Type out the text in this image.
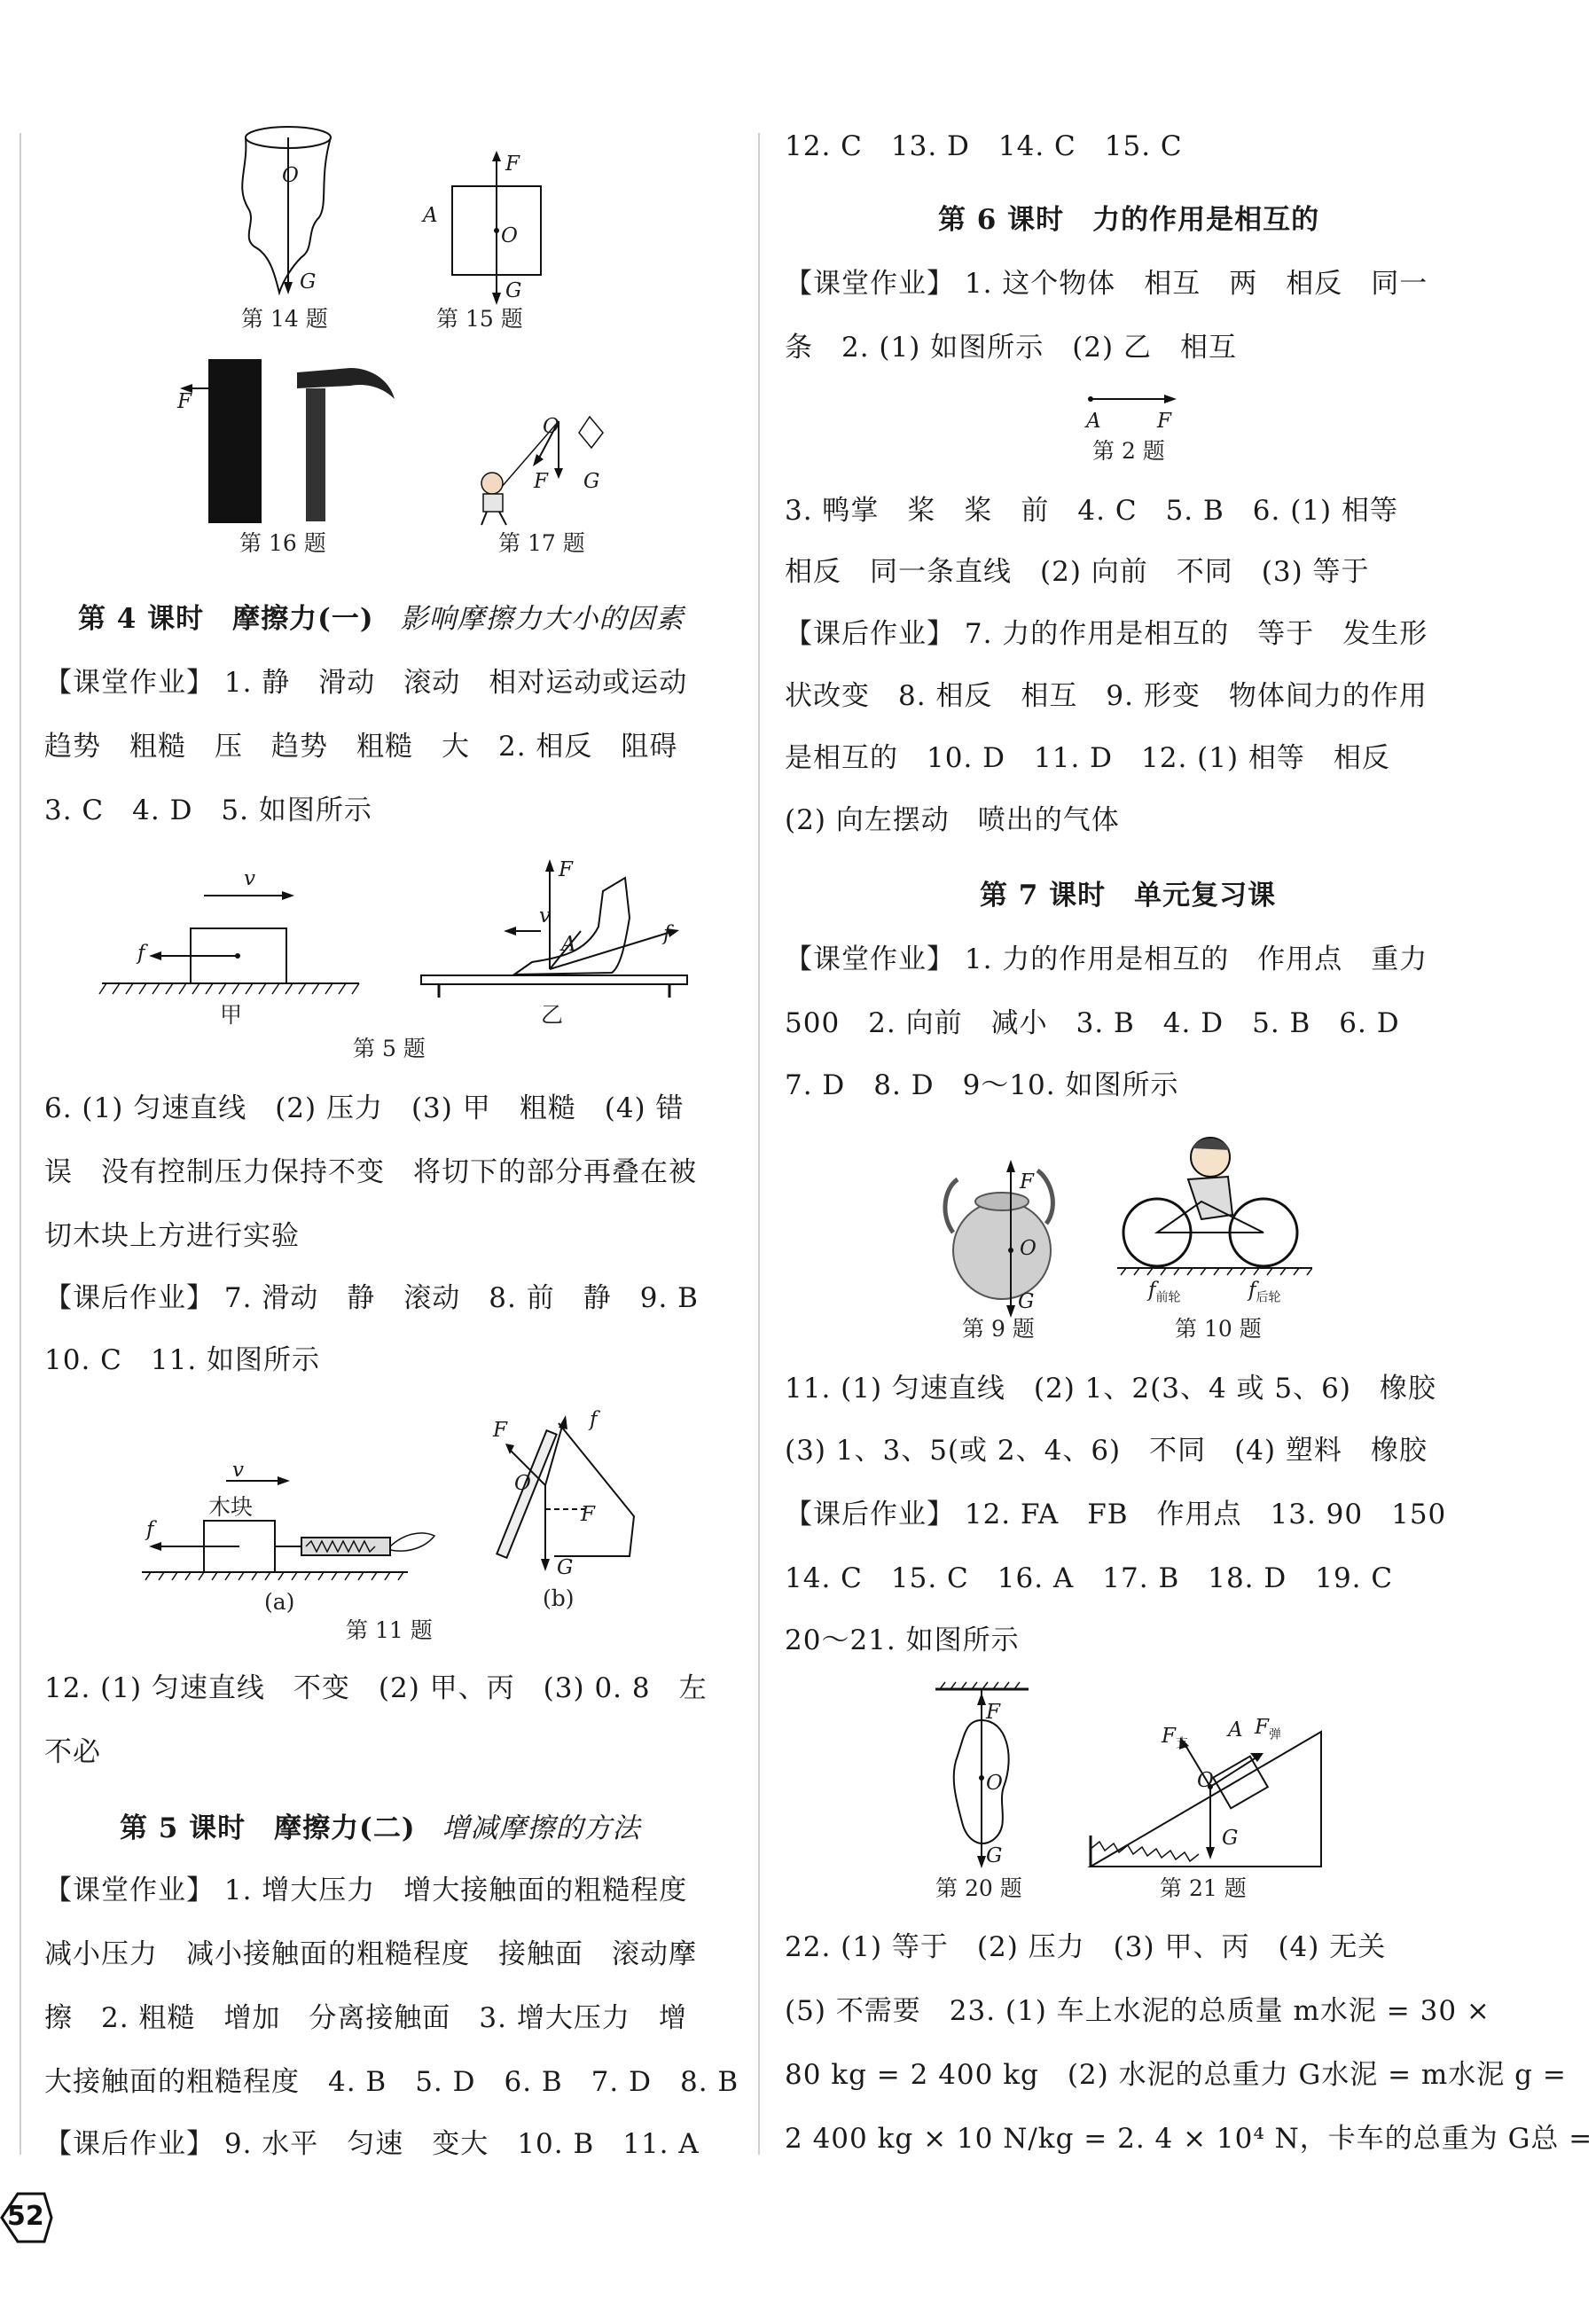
O
G
第 14 题
F
A
O
G
第 15 题
F
第 16 题
O
F G
第 17 题
第 4 课时　摩擦力(一) 影响摩擦力大小的因素
【课堂作业】 1. 静　滑动　滚动　相对运动或运动
趋势　粗糙　压　趋势　粗糙　大　2. 相反　阻碍
3. C　4. D　5. 如图所示
v
f
甲
v
F
A	f
乙
第 5 题
6. (1) 匀速直线　(2) 压力　(3) 甲　粗糙　(4) 错
误　没有控制压力保持不变　将切下的部分再叠在被
切木块上方进行实验
【课后作业】 7. 滑动　静　滚动　8. 前　静　9. B
10. C　11. 如图所示
v
木块
f
(a)
F	f
O
F
G
(b)
第 11 题
12. (1) 匀速直线　不变　(2) 甲、丙　(3) 0. 8　左
不必
第 5 课时　摩擦力(二) 增减摩擦的方法
【课堂作业】 1. 增大压力　增大接触面的粗糙程度
减小压力　减小接触面的粗糙程度　接触面　滚动摩
擦　2. 粗糙　增加　分离接触面　3. 增大压力　增
大接触面的粗糙程度　4. B　5. D　6. B　7. D　8. B
【课后作业】 9. 水平　匀速　变大　10. B　11. A
52
12. C　13. D　14. C　15. C
第 6 课时　力的作用是相互的
【课堂作业】 1. 这个物体　相互　两　相反　同一
条　2. (1) 如图所示　(2) 乙　相互
A	F
第 2 题
3. 鸭掌　桨　桨　前　4. C　5. B　6. (1) 相等
相反　同一条直线　(2) 向前　不同　(3) 等于
【课后作业】 7. 力的作用是相互的　等于　发生形
状改变　8. 相反　相互　9. 形变　物体间力的作用
是相互的　10. D　11. D　12. (1) 相等　相反
(2) 向左摆动　喷出的气体
第 7 课时　单元复习课
【课堂作业】 1. 力的作用是相互的　作用点　重力
500　2. 向前　减小　3. B　4. D　5. B　6. D
7. D　8. D　9～10. 如图所示
F
O
G
第 9 题
$f_{前轮}$	$f_{后轮}$
第 10 题
11. (1) 匀速直线　(2) 1、2(3、4 或 5、6)　橡胶
(3) 1、3、5(或 2、4、6)　不同　(4) 塑料　橡胶
【课后作业】 12. FA　FB　作用点　13. 90　150
14. C　15. C　16. A　17. B　18. D　19. C
20～21. 如图所示
F
O
G
第 20 题
$F_支$
A $F_弹$
O
G
第 21 题
22. (1) 等于　(2) 压力　(3) 甲、丙　(4) 无关
(5) 不需要　23. (1) 车上水泥的总质量 m水泥 = 30 ×
80 kg = 2 400 kg　(2) 水泥的总重力 G水泥 = m水泥 g =
2 400 kg × 10 N/kg = 2. 4 × 10⁴ N，卡车的总重为 G总 =
